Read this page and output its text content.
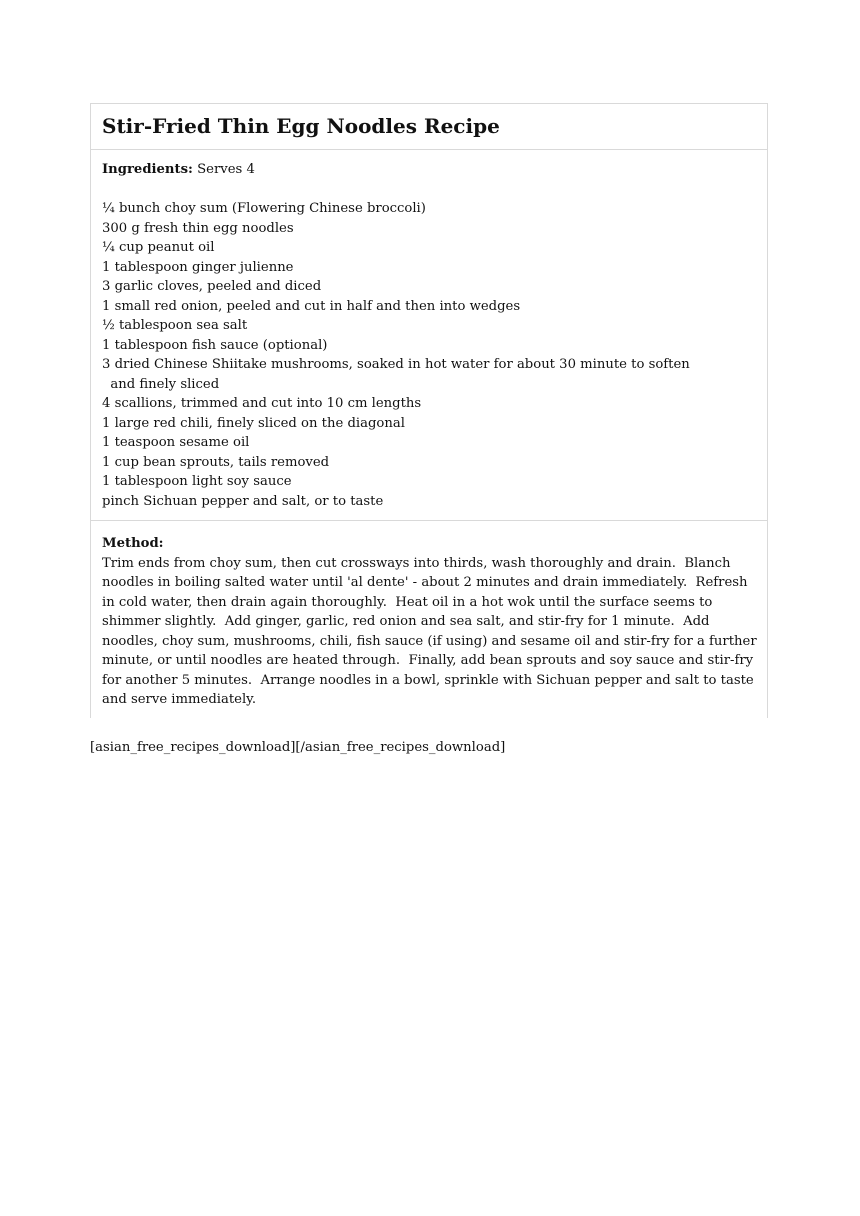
Stir-Fried Thin Egg Noodles Recipe

Ingredients: Serves 4

¼ bunch choy sum (Flowering Chinese broccoli)
300 g fresh thin egg noodles
¼ cup peanut oil
1 tablespoon ginger julienne
3 garlic cloves, peeled and diced
1 small red onion, peeled and cut in half and then into wedges
½ tablespoon sea salt
1 tablespoon fish sauce (optional)
3 dried Chinese Shiitake mushrooms, soaked in hot water for about 30 minute to soften
and finely sliced
4 scallions, trimmed and cut into 10 cm lengths
1 large red chili, finely sliced on the diagonal
1 teaspoon sesame oil
1 cup bean sprouts, tails removed
1 tablespoon light soy sauce
pinch Sichuan pepper and salt, or to taste

Method:

Trim ends from choy sum, then cut crossways into thirds, wash thoroughly and drain.  Blanch noodles in boiling salted water until 'al dente' - about 2 minutes and drain immediately.  Refresh in cold water, then drain again thoroughly.  Heat oil in a hot wok until the surface seems to shimmer slightly.  Add ginger, garlic, red onion and sea salt, and stir-fry for 1 minute.  Add noodles, choy sum, mushrooms, chili, fish sauce (if using) and sesame oil and stir-fry for a further minute, or until noodles are heated through.  Finally, add bean sprouts and soy sauce and stir-fry for another 5 minutes.  Arrange noodles in a bowl, sprinkle with Sichuan pepper and salt to taste and serve immediately.

[asian_free_recipes_download][/asian_free_recipes_download]
